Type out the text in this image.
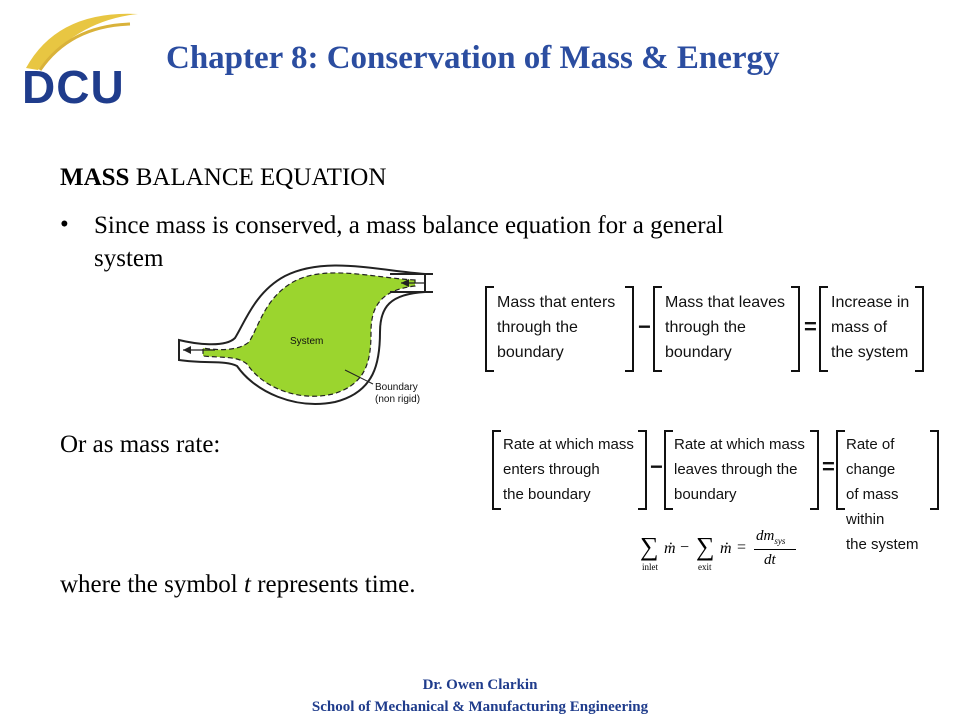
DCU
Chapter 8: Conservation of Mass & Energy
MASS BALANCE EQUATION
• Since mass is conserved, a mass balance equation for a general
system
System
Boundary
(non rigid)
Mass that enters
through the
boundary
−
Mass that leaves
through the
boundary
=
Increase in
mass of
the system
Or as mass rate:	Rate at which mass
enters through
the boundary
−
Rate at which mass
leaves through the
boundary
=
Rate of change
of mass within
the system
∑
inlet
ṁ − ∑
exit
ṁ =
$dm_{sys}$
dt
where the symbol t represents time.
Dr. Owen Clarkin
School of Mechanical & Manufacturing Engineering
